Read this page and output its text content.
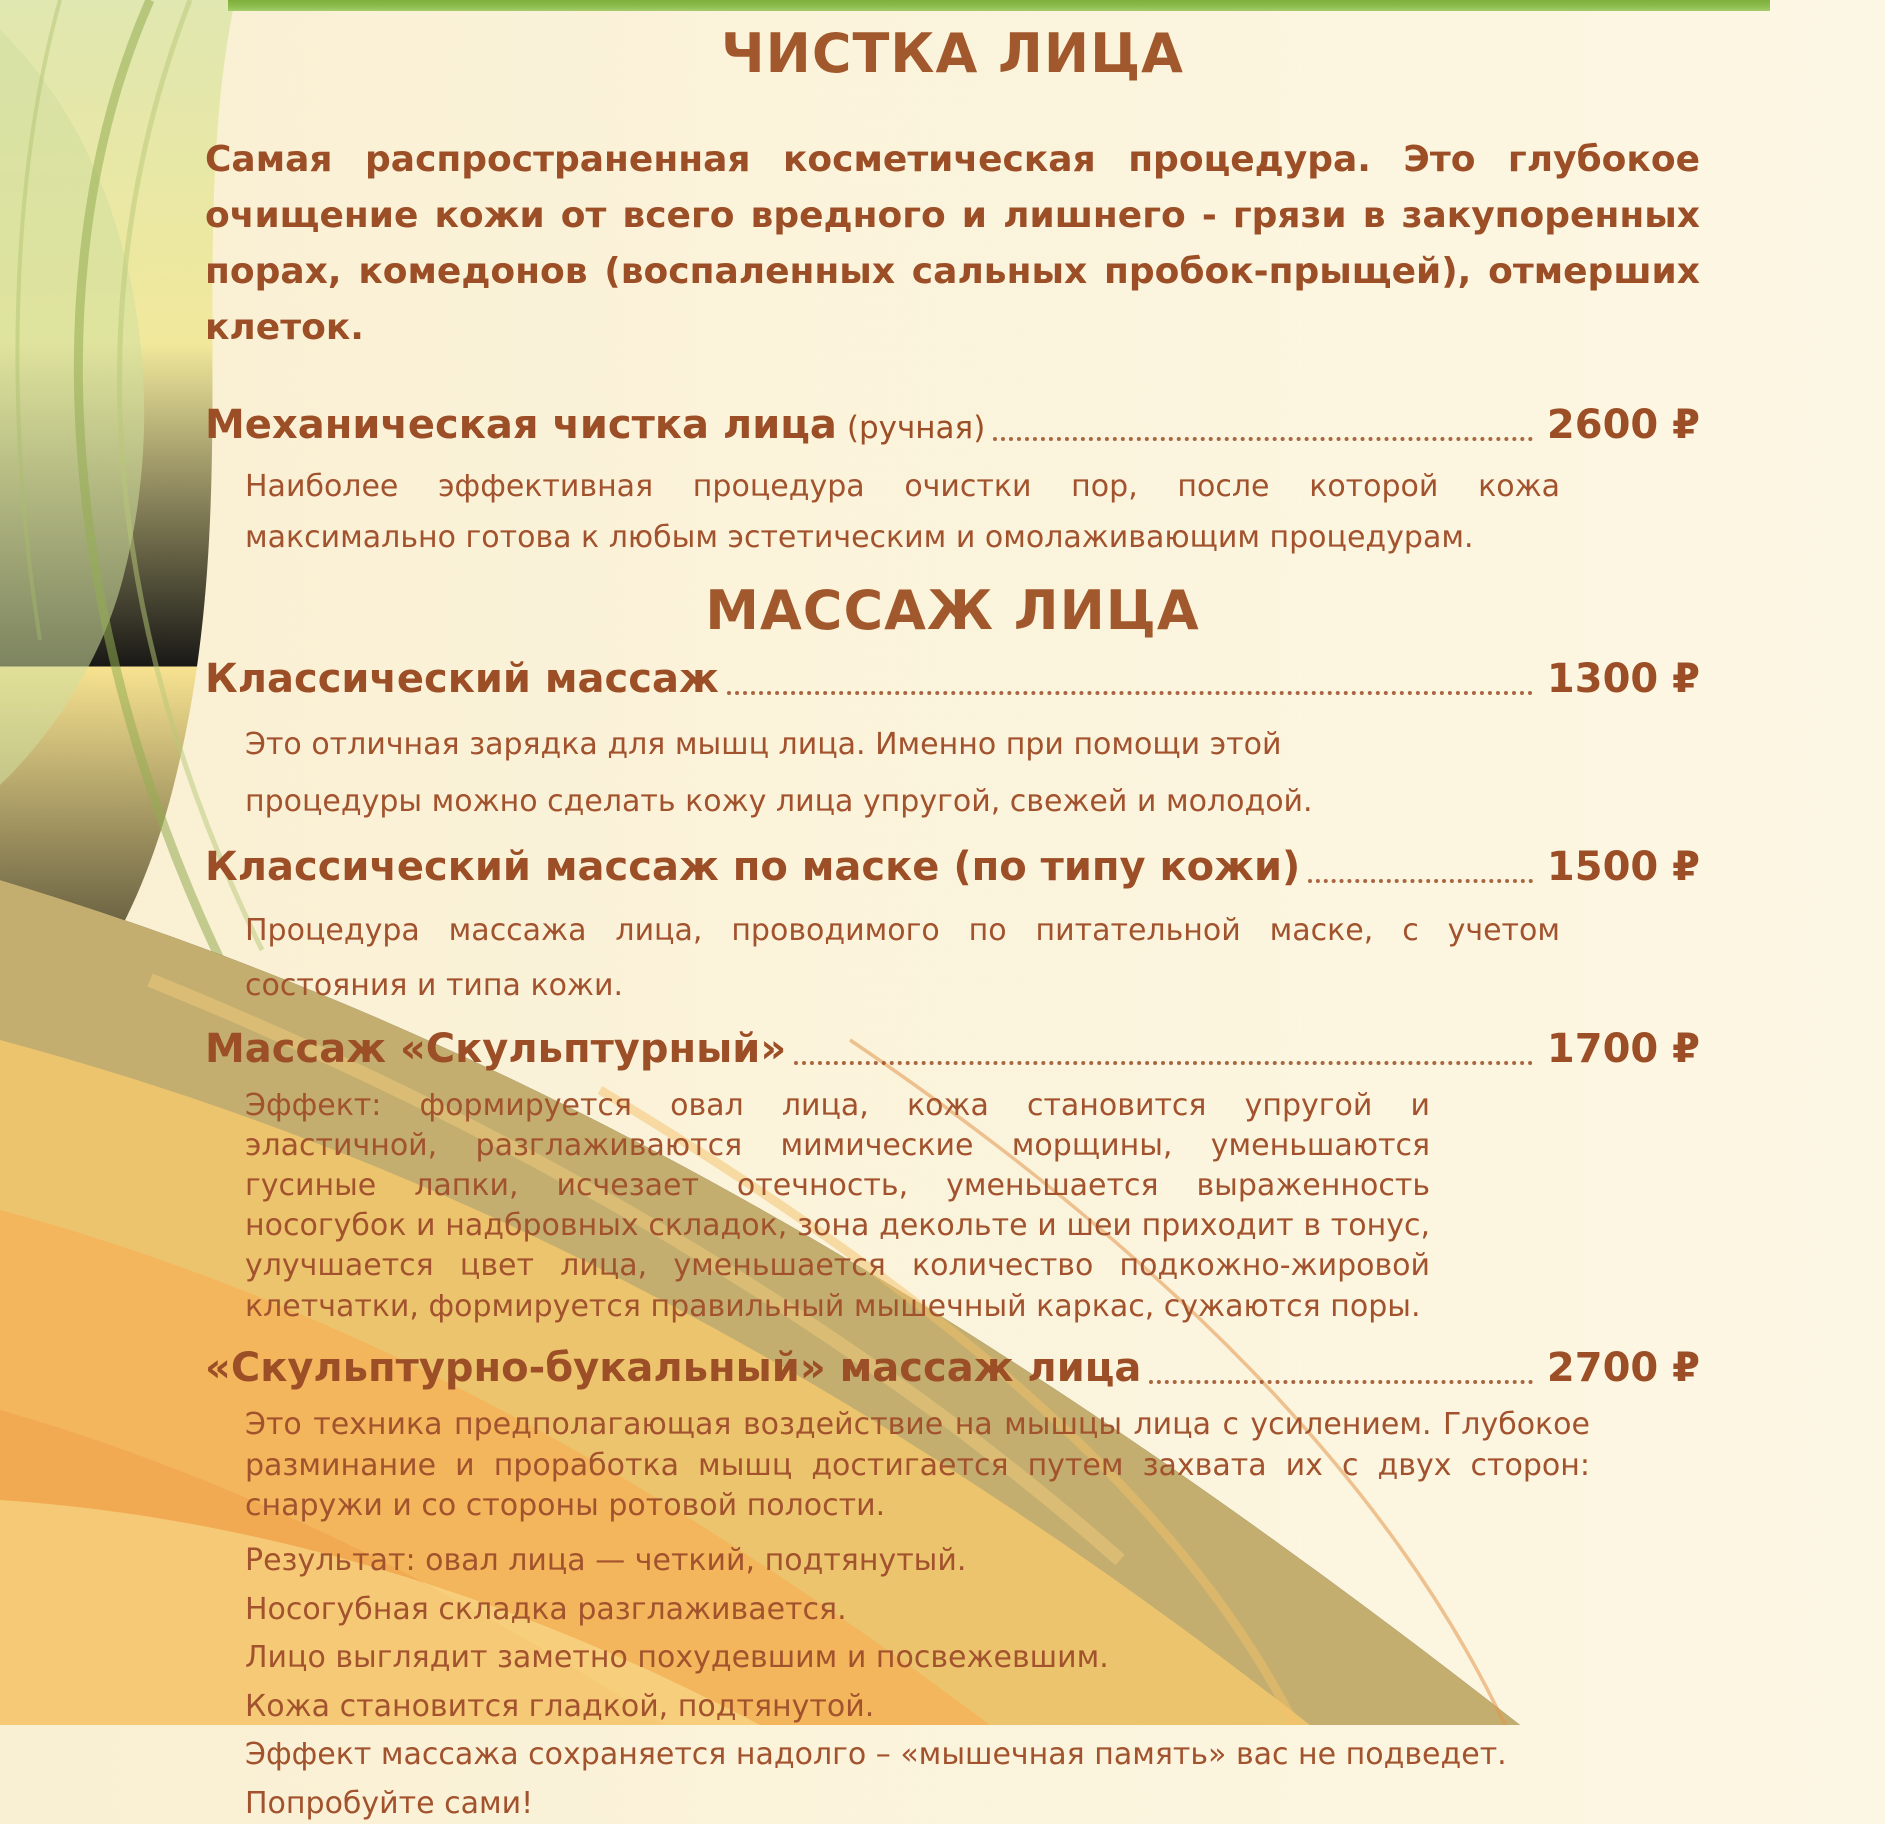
ЧИСТКА ЛИЦА

Самая распространенная косметическая процедура. Это глубокое очищение кожи от всего вредного и лишнего - грязи в закупоренных порах, комедонов (воспаленных сальных пробок-прыщей), отмерших клеток.

Механическая чистка лица (ручная)	2600 ₽

Наиболее эффективная процедура очистки пор, после которой кожа максимально готова к любым эстетическим и омолаживающим процедурам.

МАССАЖ ЛИЦА
Классический массаж	1300 ₽

Это отличная зарядка для мышц лица. Именно при помощи этой процедуры можно сделать кожу лица упругой, свежей и молодой.

Классический массаж по маске (по типу кожи)	1500 ₽

Процедура массажа лица, проводимого по питательной маске, с учетом состояния и типа кожи.

Массаж «Скульптурный»	1700 ₽

Эффект: формируется овал лица, кожа становится упругой и эластичной, разглаживаются мимические морщины, уменьшаются гусиные лапки, исчезает отечность, уменьшается выраженность носогубок и надбровных складок, зона декольте и шеи приходит в тонус, улучшается цвет лица, уменьшается количество подкожно-жировой клетчатки, формируется правильный мышечный каркас, сужаются поры.

«Скульптурно-букальный» массаж лица	2700 ₽

Это техника предполагающая воздействие на мышцы лица с усилением. Глубокое разминание и проработка мышц достигается путем захвата их с двух сторон: снаружи и со стороны ротовой полости.

Результат: овал лица — четкий, подтянутый.

Носогубная складка разглаживается.

Лицо выглядит заметно похудевшим и посвежевшим.

Кожа становится гладкой, подтянутой.

Эффект массажа сохраняется надолго – «мышечная память» вас не подведет.

Попробуйте сами!
